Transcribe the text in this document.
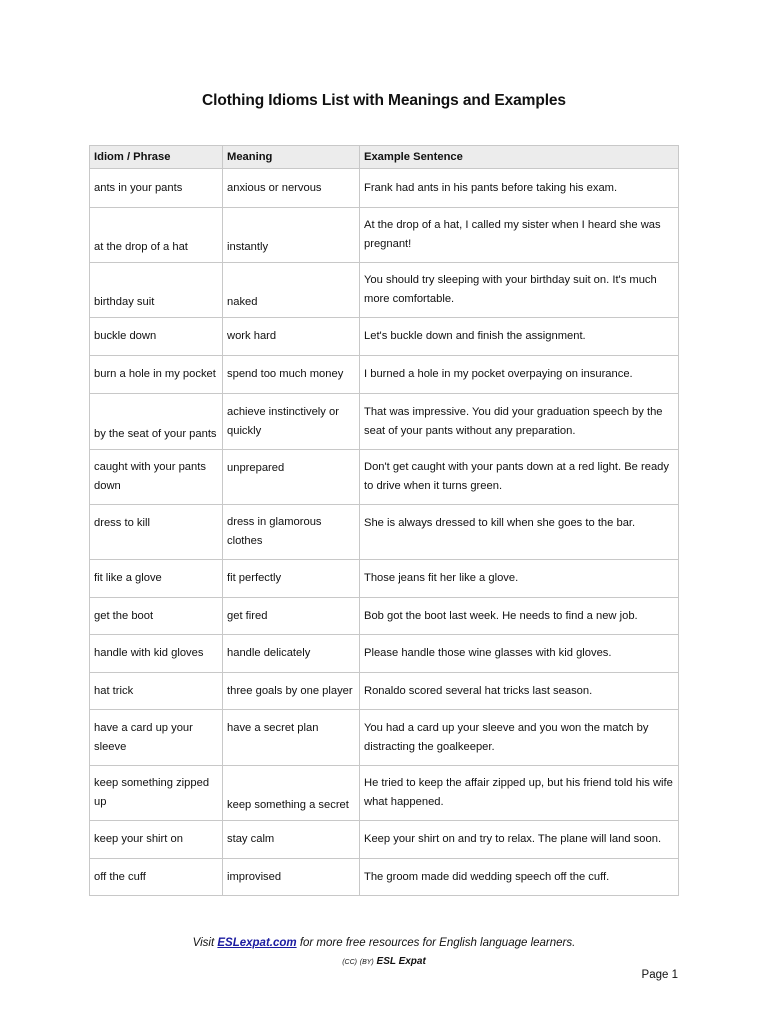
Clothing Idioms List with Meanings and Examples
Idiom / Phrase	Meaning	Example Sentence
ants in your pants	anxious or nervous	Frank had ants in his pants before taking his exam.
at the drop of a hat	instantly	At the drop of a hat, I called my sister when I heard she was pregnant!
birthday suit	naked	You should try sleeping with your birthday suit on. It's much more comfortable.
buckle down	work hard	Let's buckle down and finish the assignment.
burn a hole in my pocket	spend too much money	I burned a hole in my pocket overpaying on insurance.
by the seat of your pants	achieve instinctively or quickly	That was impressive. You did your graduation speech by the seat of your pants without any preparation.
caught with your pants down	unprepared	Don't get caught with your pants down at a red light. Be ready to drive when it turns green.
dress to kill	dress in glamorous clothes	She is always dressed to kill when she goes to the bar.
fit like a glove	fit perfectly	Those jeans fit her like a glove.
get the boot	get fired	Bob got the boot last week. He needs to find a new job.
handle with kid gloves	handle delicately	Please handle those wine glasses with kid gloves.
hat trick	three goals by one player	Ronaldo scored several hat tricks last season.
have a card up your sleeve	have a secret plan	You had a card up your sleeve and you won the match by distracting the goalkeeper.
keep something zipped up	keep something a secret	He tried to keep the affair zipped up, but his friend told his wife what happened.
keep your shirt on	stay calm	Keep your shirt on and try to relax. The plane will land soon.
off the cuff	improvised	The groom made did wedding speech off the cuff.
Visit ESLexpat.com for more free resources for English language learners.
(CC) (BY) ESL Expat
Page 1
